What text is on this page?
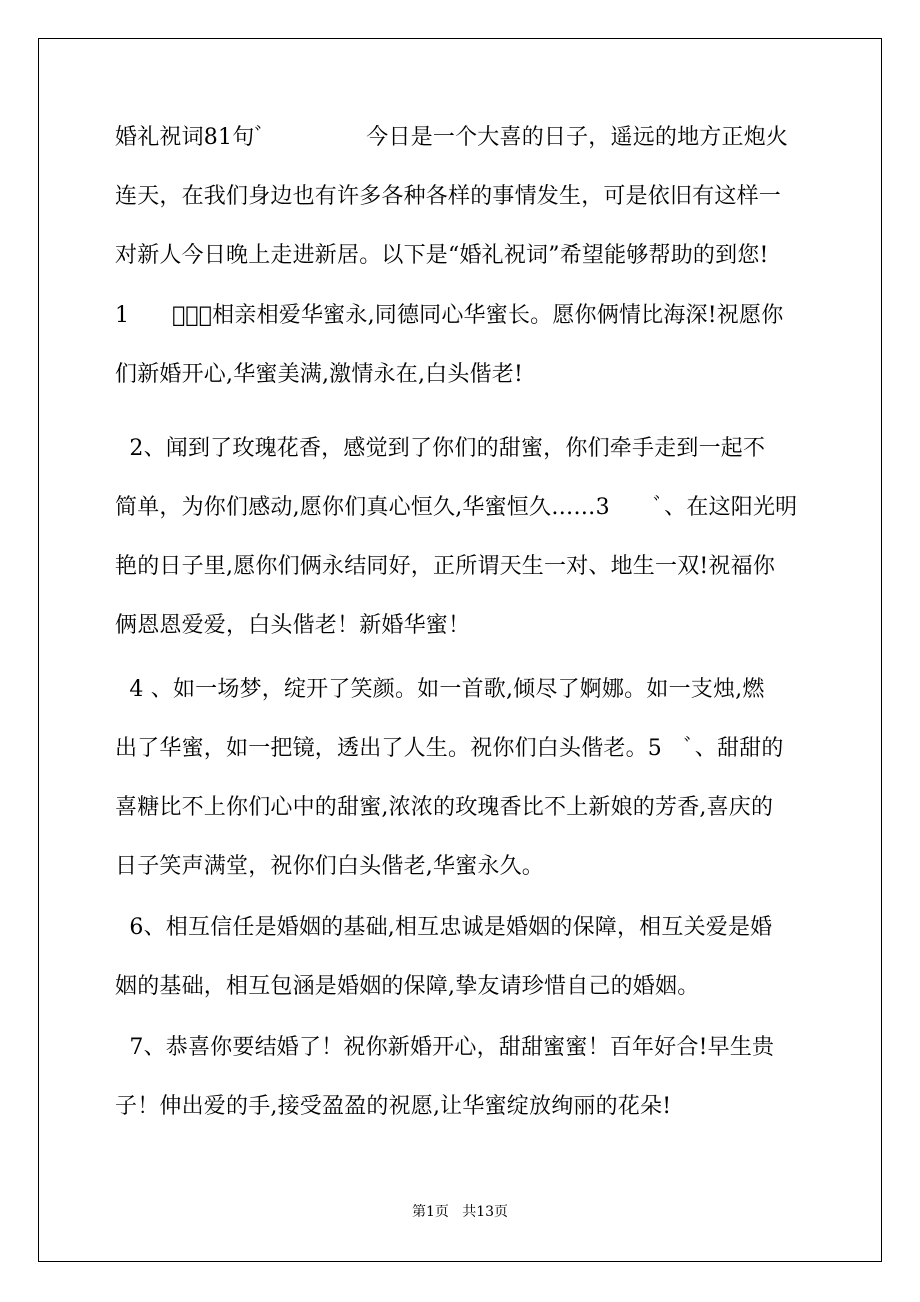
婚礼祝词81句ﾞ              今日是一个大喜的日子，遥远的地方正炮火
连天，在我们身边也有许多各种各样的事情发生，可是依旧有这样一
对新人今日晚上走进新居。以下是“婚礼祝词”希望能够帮助的到您!
1      ﾞﾞ、相亲相爱华蜜永,同德同心华蜜长。愿你俩情比海深!祝愿你
们新婚开心,华蜜美满,激情永在,白头偕老!
2、闻到了玫瑰花香，感觉到了你们的甜蜜，你们牵手走到一起不
简单，为你们感动,愿你们真心恒久,华蜜恒久……3      ﾞ、在这阳光明
艳的日子里,愿你们俩永结同好，正所谓天生一对、地生一双!祝福你
俩恩恩爱爱，白头偕老！新婚华蜜！
4 、如一场梦，绽开了笑颜。如一首歌,倾尽了婀娜。如一支烛,燃
出了华蜜，如一把镜，透出了人生。祝你们白头偕老。5   ﾞ、甜甜的
喜糖比不上你们心中的甜蜜,浓浓的玫瑰香比不上新娘的芳香,喜庆的
日子笑声满堂，祝你们白头偕老,华蜜永久。
6、相互信任是婚姻的基础,相互忠诚是婚姻的保障，相互关爱是婚
姻的基础，相互包涵是婚姻的保障,挚友请珍惜自己的婚姻。
7、恭喜你要结婚了！祝你新婚开心，甜甜蜜蜜！百年好合!早生贵
子！伸出爱的手,接受盈盈的祝愿,让华蜜绽放绚丽的花朵!
第1页   共13页
